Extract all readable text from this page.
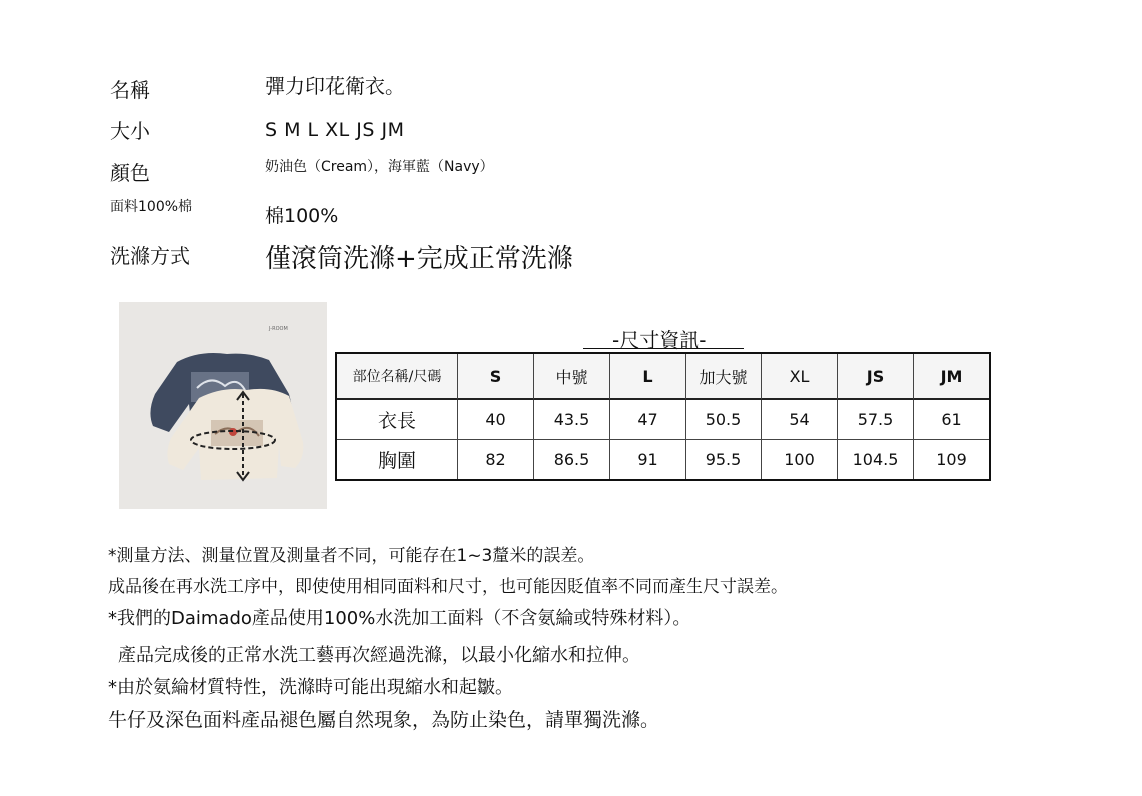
名稱	彈力印花衛衣。
大小	S M L XL JS JM
顏色	奶油色（Cream），海軍藍（Navy）
面料100%棉	棉100%
洗滌方式	僅滾筒洗滌+完成正常洗滌
J-ROOM	-尺寸資訊-
部位名稱/尺碼	S	中號	L	加大號	XL	JS	JM
衣長	40	43.5	47	50.5	54	57.5	61
胸圍	82	86.5	91	95.5	100	104.5	109
*測量方法、測量位置及測量者不同，可能存在1~3釐米的誤差。
成品後在再水洗工序中，即使使用相同面料和尺寸，也可能因貶值率不同而產生尺寸誤差。
*我們的Daimado產品使用100%水洗加工面料（不含氨綸或特殊材料）。
產品完成後的正常水洗工藝再次經過洗滌，以最小化縮水和拉伸。
*由於氨綸材質特性，洗滌時可能出現縮水和起皺。
牛仔及深色面料產品褪色屬自然現象，為防止染色，請單獨洗滌。
